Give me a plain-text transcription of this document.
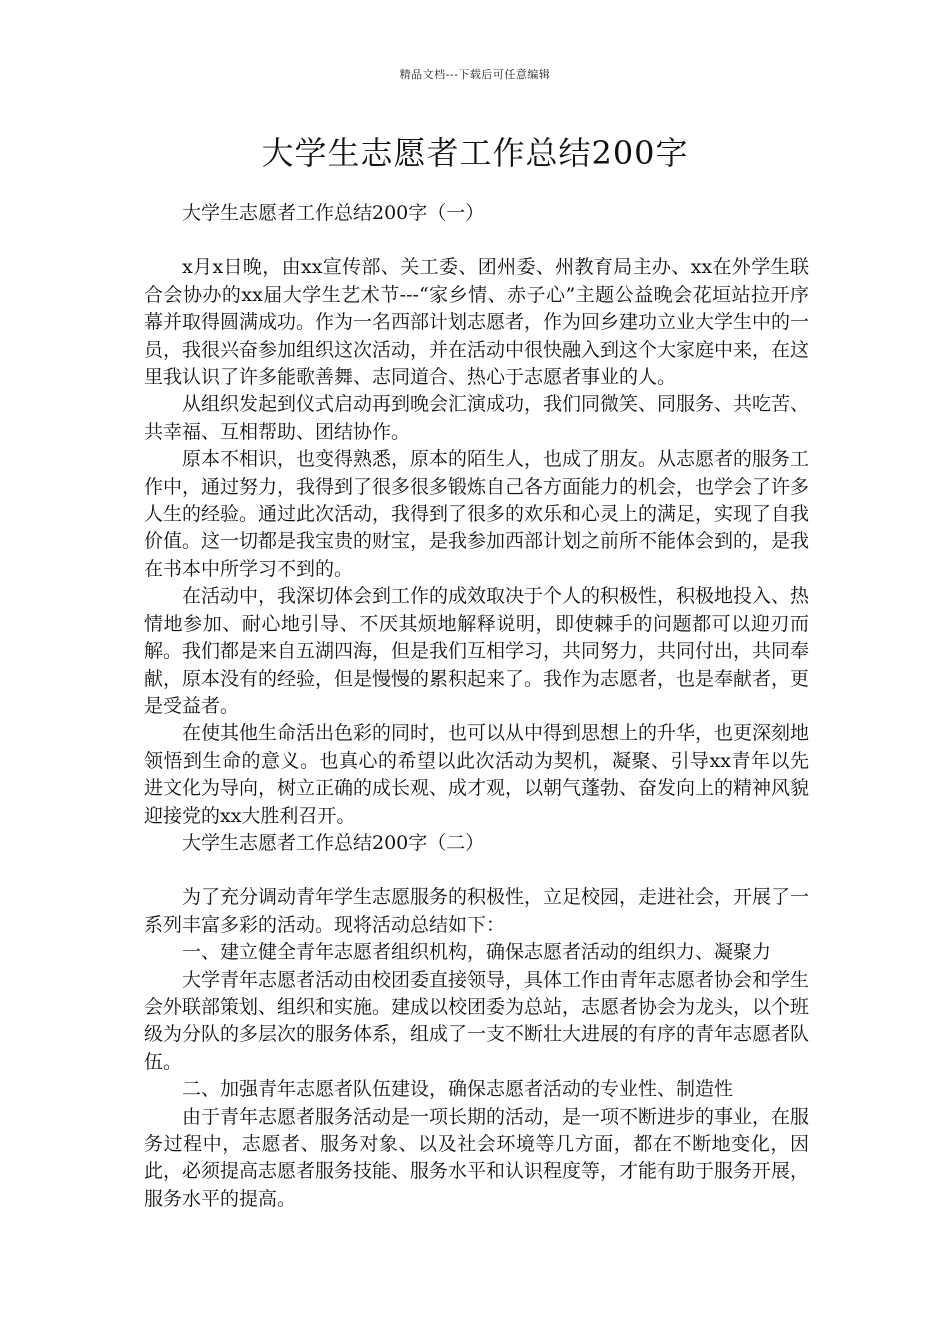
精品文档---下载后可任意编辑
大学生志愿者工作总结200字

大学生志愿者工作总结200字（一）

x月x日晚，由xx宣传部、关工委、团州委、州教育局主办、xx在外学生联合会协办的xx届大学生艺术节---“家乡情、赤子心”主题公益晚会花垣站拉开序幕并取得圆满成功。作为一名西部计划志愿者，作为回乡建功立业大学生中的一员，我很兴奋参加组织这次活动，并在活动中很快融入到这个大家庭中来，在这里我认识了许多能歌善舞、志同道合、热心于志愿者事业的人。

从组织发起到仪式启动再到晚会汇演成功，我们同微笑、同服务、共吃苦、共幸福、互相帮助、团结协作。

原本不相识，也变得熟悉，原本的陌生人，也成了朋友。从志愿者的服务工作中，通过努力，我得到了很多很多锻炼自己各方面能力的机会，也学会了许多人生的经验。通过此次活动，我得到了很多的欢乐和心灵上的满足，实现了自我价值。这一切都是我宝贵的财宝，是我参加西部计划之前所不能体会到的，是我在书本中所学习不到的。

在活动中，我深切体会到工作的成效取决于个人的积极性，积极地投入、热情地参加、耐心地引导、不厌其烦地解释说明，即使棘手的问题都可以迎刃而解。我们都是来自五湖四海，但是我们互相学习，共同努力，共同付出，共同奉献，原本没有的经验，但是慢慢的累积起来了。我作为志愿者，也是奉献者，更是受益者。

在使其他生命活出色彩的同时，也可以从中得到思想上的升华，也更深刻地领悟到生命的意义。也真心的希望以此次活动为契机，凝聚、引导xx青年以先进文化为导向，树立正确的成长观、成才观，以朝气蓬勃、奋发向上的精神风貌迎接党的xx大胜利召开。

大学生志愿者工作总结200字（二）

为了充分调动青年学生志愿服务的积极性，立足校园，走进社会，开展了一系列丰富多彩的活动。现将活动总结如下：

一、建立健全青年志愿者组织机构，确保志愿者活动的组织力、凝聚力

大学青年志愿者活动由校团委直接领导，具体工作由青年志愿者协会和学生会外联部策划、组织和实施。建成以校团委为总站，志愿者协会为龙头，以个班级为分队的多层次的服务体系，组成了一支不断壮大进展的有序的青年志愿者队伍。

二、加强青年志愿者队伍建设，确保志愿者活动的专业性、制造性

由于青年志愿者服务活动是一项长期的活动，是一项不断进步的事业，在服务过程中，志愿者、服务对象、以及社会环境等几方面，都在不断地变化，因此，必须提高志愿者服务技能、服务水平和认识程度等，才能有助于服务开展，服务水平的提高。
